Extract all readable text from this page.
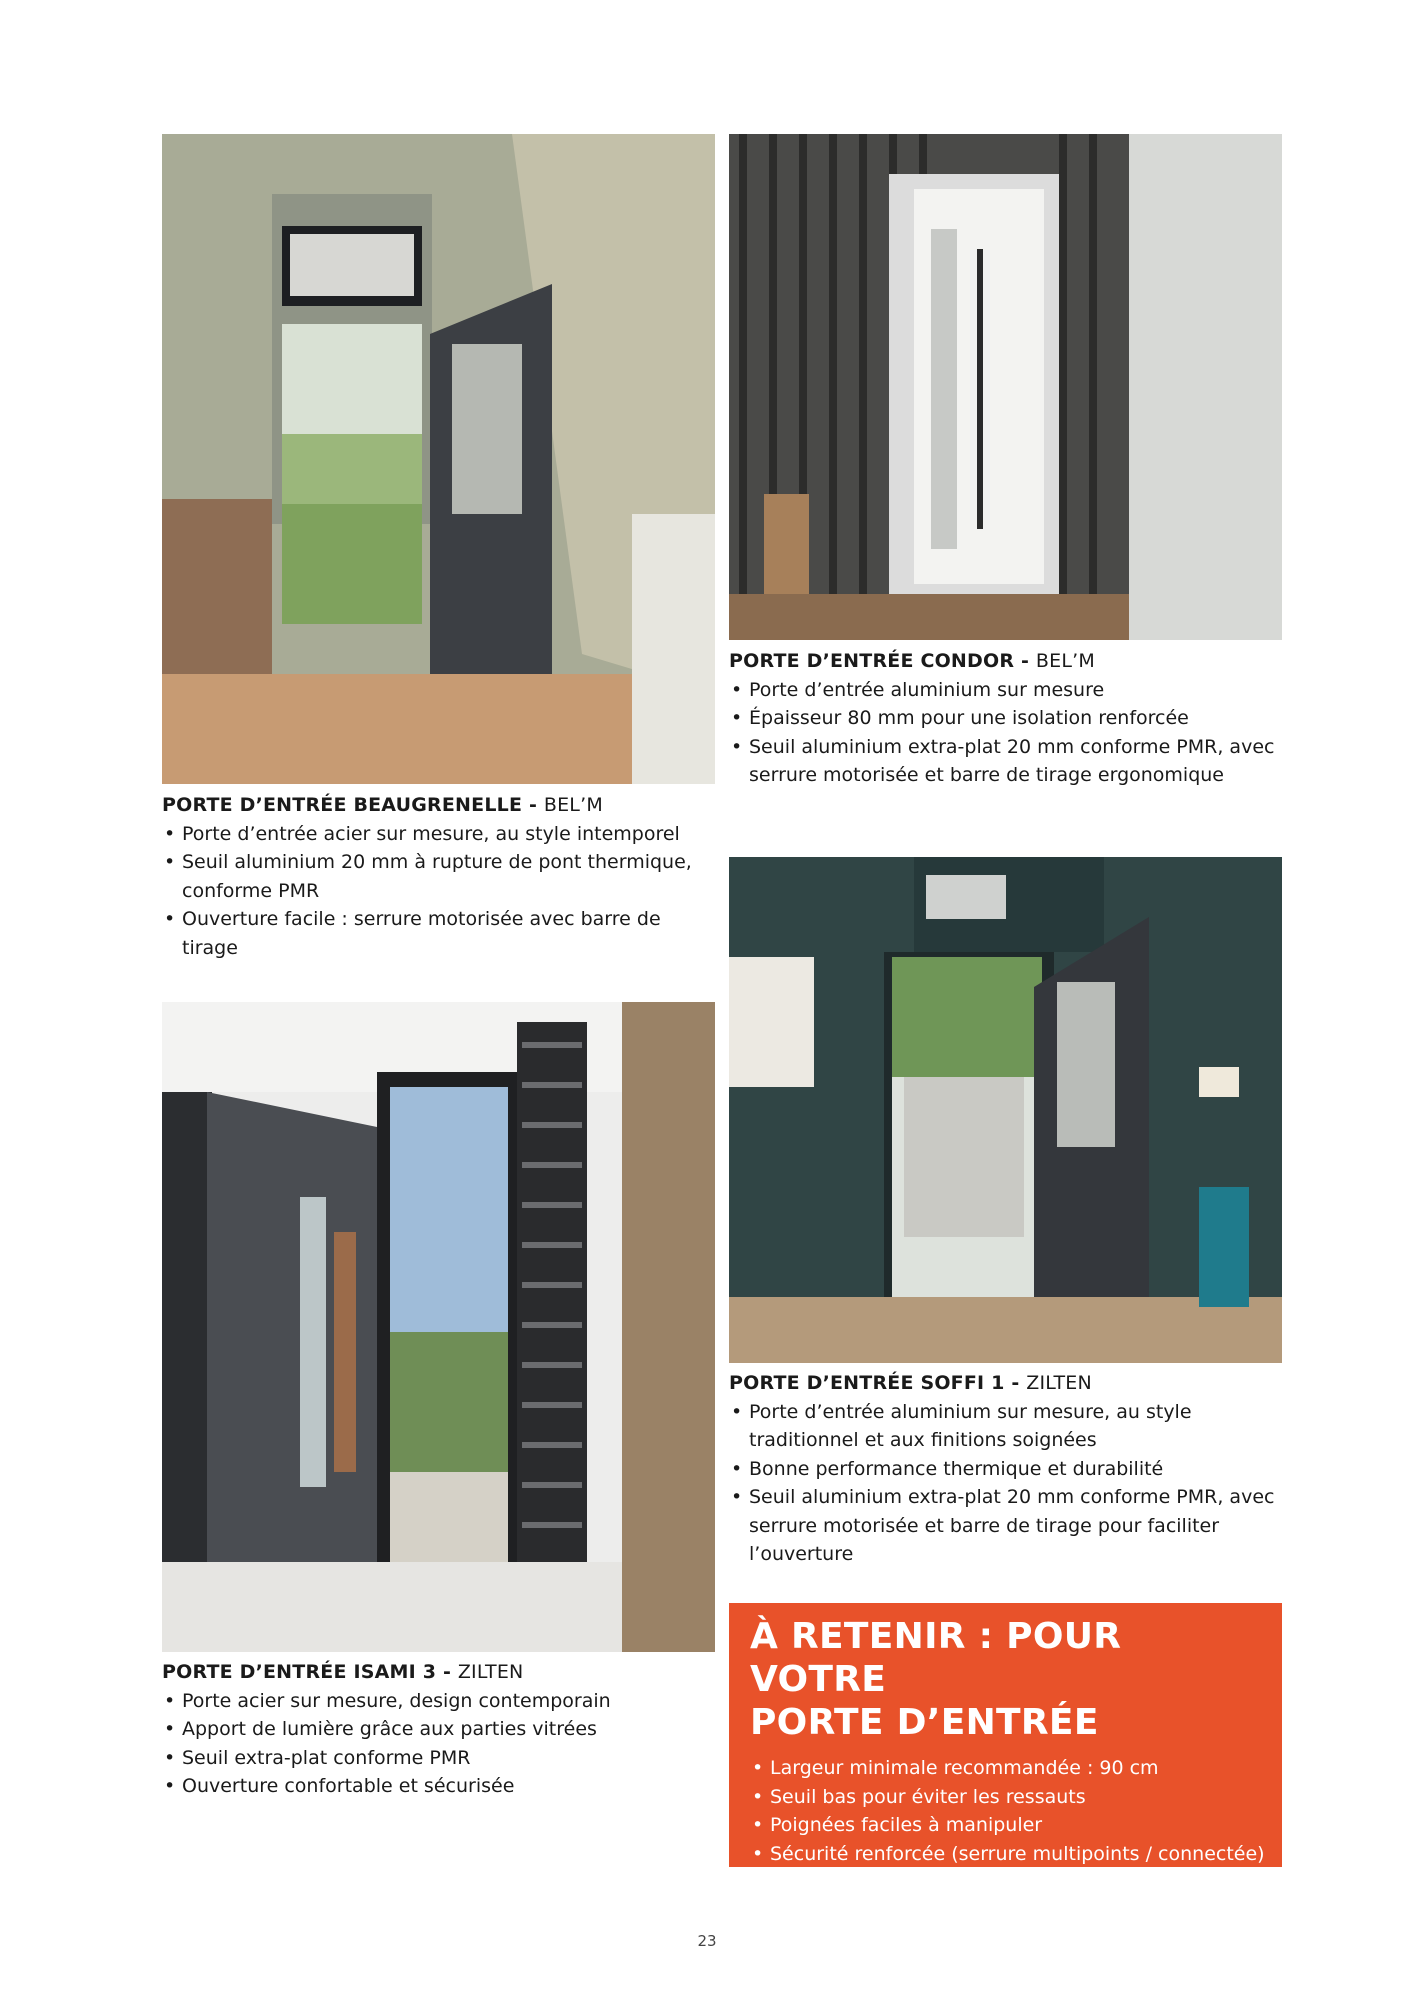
PORTE D’ENTRÉE BEAUGRENELLE - BEL’M
• Porte d’entrée acier sur mesure, au style intemporel
• Seuil aluminium 20 mm à rupture de pont thermique, conforme PMR
• Ouverture facile : serrure motorisée avec barre de tirage
PORTE D’ENTRÉE CONDOR - BEL’M
• Porte d’entrée aluminium sur mesure
• Épaisseur 80 mm pour une isolation renforcée
• Seuil aluminium extra-plat 20 mm conforme PMR, avec serrure motorisée et barre de tirage ergonomique
PORTE D’ENTRÉE SOFFI 1 - ZILTEN
• Porte d’entrée aluminium sur mesure, au style traditionnel et aux finitions soignées
• Bonne performance thermique et durabilité
• Seuil aluminium extra-plat 20 mm conforme PMR, avec serrure motorisée et barre de tirage pour faciliter l’ouverture
PORTE D’ENTRÉE ISAMI 3 - ZILTEN
• Porte acier sur mesure, design contemporain
• Apport de lumière grâce aux parties vitrées
• Seuil extra-plat conforme PMR
• Ouverture confortable et sécurisée
À RETENIR : POUR VOTRE
PORTE D’ENTRÉE
• Largeur minimale recommandée : 90 cm
• Seuil bas pour éviter les ressauts
• Poignées faciles à manipuler
• Sécurité renforcée (serrure multipoints / connectée)
• Éclairage extérieur adapté
23
